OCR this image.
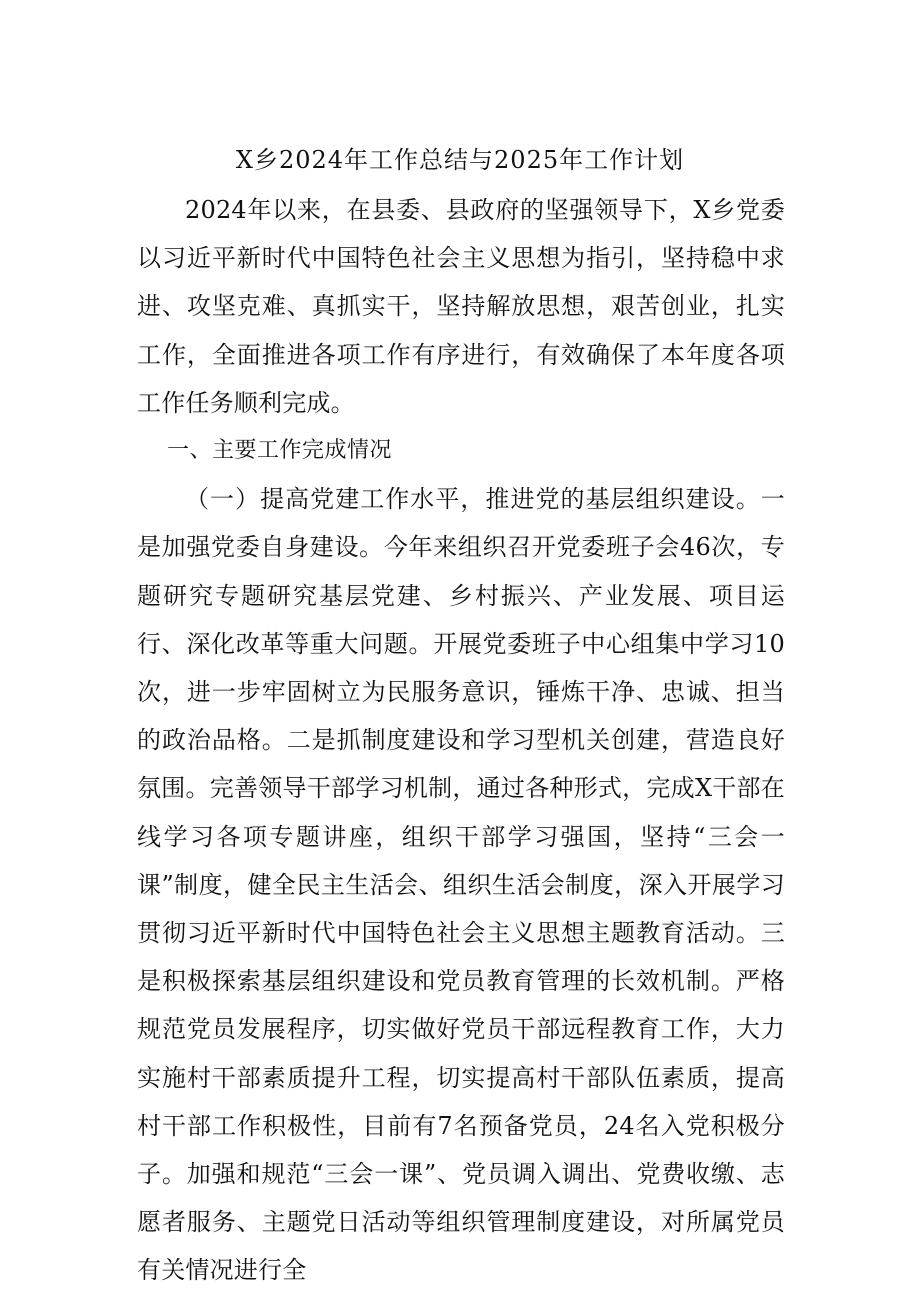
X乡2024年工作总结与2025年工作计划

2024年以来，在县委、县政府的坚强领导下，X乡党委以习近平新时代中国特色社会主义思想为指引，坚持稳中求进、攻坚克难、真抓实干，坚持解放思想，艰苦创业，扎实工作，全面推进各项工作有序进行，有效确保了本年度各项工作任务顺利完成。

一、主要工作完成情况

（一）提高党建工作水平，推进党的基层组织建设。一是加强党委自身建设。今年来组织召开党委班子会46次，专题研究专题研究基层党建、乡村振兴、产业发展、项目运行、深化改革等重大问题。开展党委班子中心组集中学习10次，进一步牢固树立为民服务意识，锤炼干净、忠诚、担当的政治品格。二是抓制度建设和学习型机关创建，营造良好氛围。完善领导干部学习机制，通过各种形式，完成X干部在线学习各项专题讲座，组织干部学习强国，坚持“三会一课”制度，健全民主生活会、组织生活会制度，深入开展学习贯彻习近平新时代中国特色社会主义思想主题教育活动。三是积极探索基层组织建设和党员教育管理的长效机制。严格规范党员发展程序，切实做好党员干部远程教育工作，大力实施村干部素质提升工程，切实提高村干部队伍素质，提高村干部工作积极性，目前有7名预备党员，24名入党积极分子。加强和规范“三会一课”、党员调入调出、党费收缴、志愿者服务、主题党日活动等组织管理制度建设，对所属党员有关情况进行全
